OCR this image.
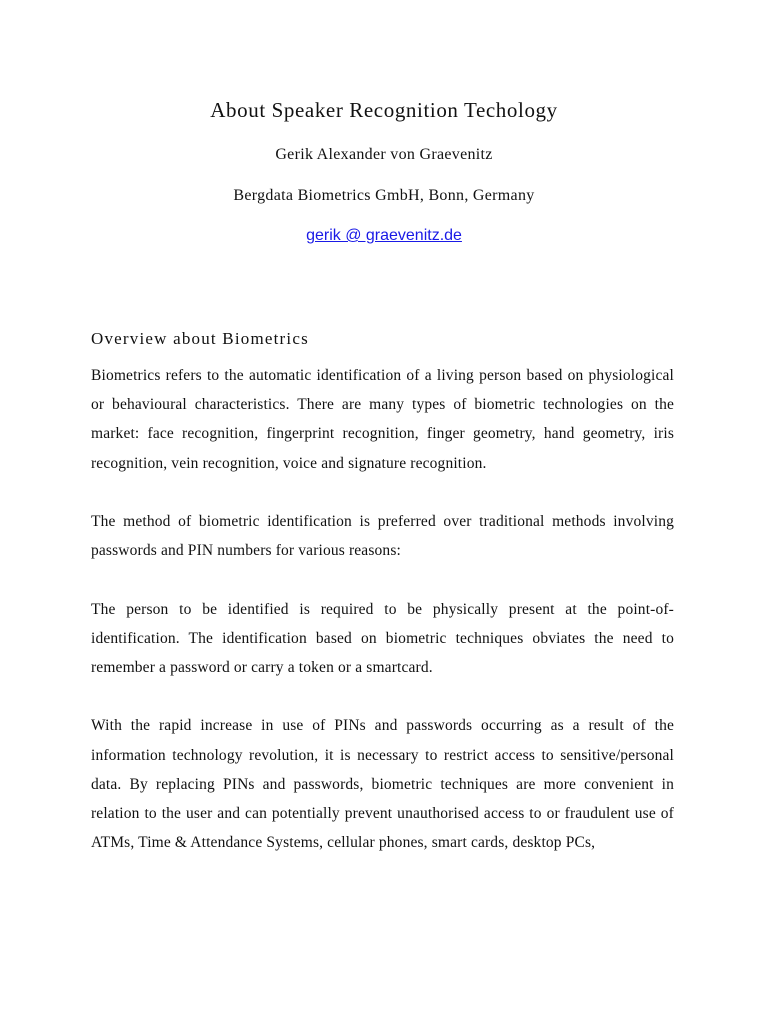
About Speaker Recognition Techology
Gerik Alexander von Graevenitz
Bergdata Biometrics GmbH, Bonn, Germany
gerik @ graevenitz.de
Overview about Biometrics

Biometrics refers to the automatic identification of a living person based on physiological or behavioural characteristics. There are many types of biometric technologies on the market: face recognition, fingerprint recognition, finger geometry, hand geometry, iris recognition, vein recognition, voice and signature recognition.

The method of biometric identification is preferred over traditional methods involving passwords and PIN numbers for various reasons:

The person to be identified is required to be physically present at the point-of-identification. The identification based on biometric techniques obviates the need to remember a password or carry a token or a smartcard.

With the rapid increase in use of PINs and passwords occurring as a result of the information technology revolution, it is necessary to restrict access to sensitive/personal data. By replacing PINs and passwords, biometric techniques are more convenient in relation to the user and can potentially prevent unauthorised access to or fraudulent use of ATMs, Time & Attendance Systems, cellular phones, smart cards, desktop PCs,
